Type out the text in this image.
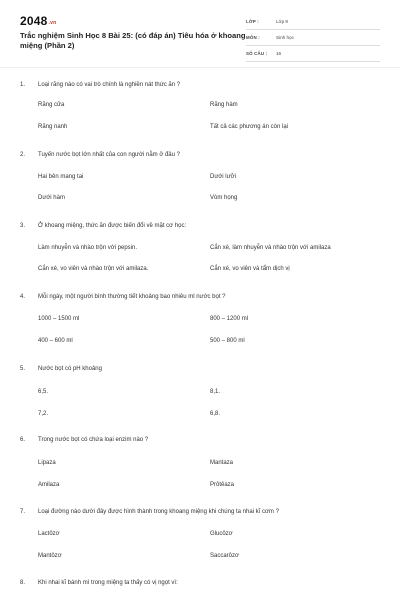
$2048^{.vn}$
Trắc nghiệm Sinh Học 8 Bài 25: (có đáp án) Tiêu hóa ở khoang miệng (Phần 2)
LỚP :	Lớp 8
MÔN :	Sinh học
SỐ CÂU :	16
1.	Loại răng nào có vai trò chính là nghiền nát thức ăn ?
Răng cửa	Răng hàm
Răng nanh	Tất cả các phương án còn lại
2.	Tuyến nước bọt lớn nhất của con người nằm ở đâu ?
Hai bên mang tai	Dưới lưỡi
Dưới hàm	Vòm họng
3.	Ở khoang miệng, thức ăn được biến đổi về mặt cơ học:
Làm nhuyễn và nhào trộn với pepsin.	Cắn xé, làm nhuyễn và nhào trộn với amilaza
Cắn xé, vo viên và nhào trộn với amilaza.	Cắn xé, vo viên và tẩm dịch vị
4.	Mỗi ngày, một người bình thường tiết khoảng bao nhiêu ml nước bọt ?
1000 – 1500 ml	800 – 1200 ml
400 – 600 ml	500 – 800 ml
5.	Nước bọt có pH khoảng
6,5.	8,1.
7,2.	6,8.
6.	Trong nước bọt có chứa loại enzim nào ?
Lipaza	Mantaza
Amilaza	Prôtêaza
7.	Loại đường nào dưới đây được hình thành trong khoang miệng khi chúng ta nhai kĩ cơm ?
Lactôzơ	Glucôzơ
Mantôzơ	Saccarôzơ
8.	Khi nhai kĩ bánh mì trong miệng ta thấy có vị ngọt vì:
